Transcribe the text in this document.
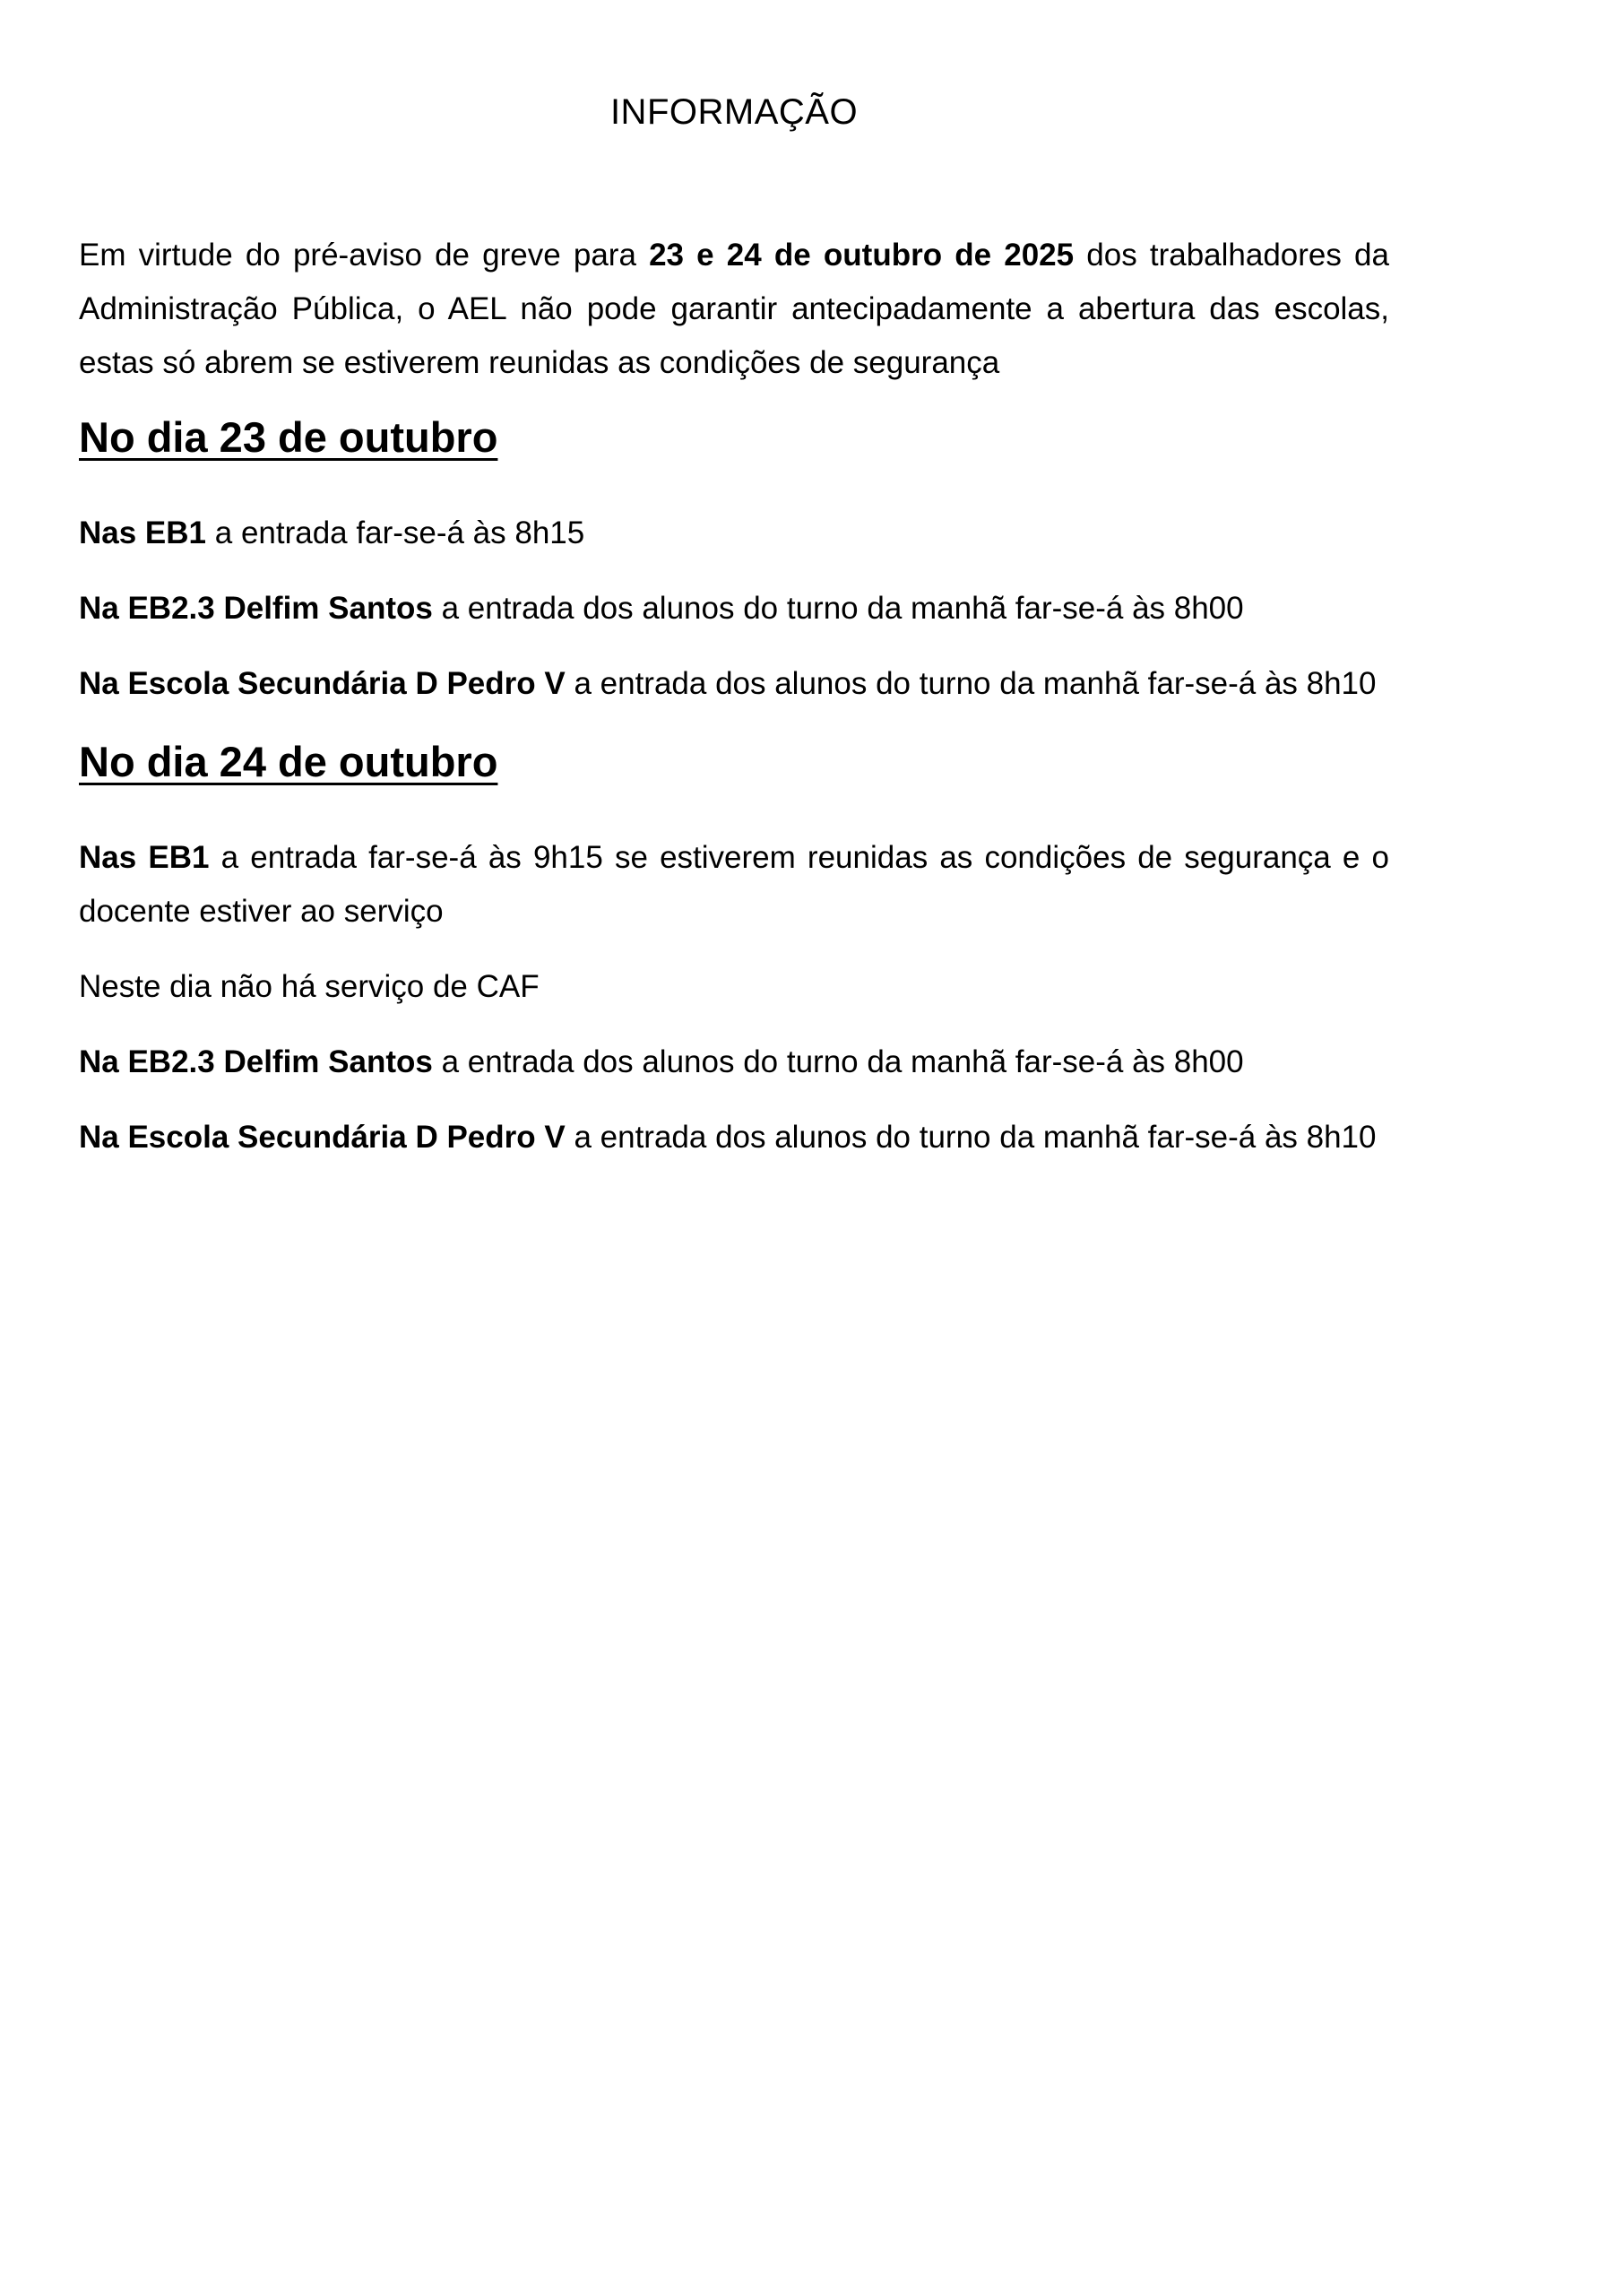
INFORMAÇÃO

Em virtude do pré-aviso de greve para 23 e 24 de outubro de 2025 dos trabalhadores da Administração Pública, o AEL não pode garantir antecipadamente a abertura das escolas, estas só abrem se estiverem reunidas as condições de segurança

No dia 23 de outubro

Nas EB1 a entrada far-se-á às 8h15

Na EB2.3 Delfim Santos a entrada dos alunos do turno da manhã far-se-á às 8h00

Na Escola Secundária D Pedro V a entrada dos alunos do turno da manhã far-se-á às 8h10

No dia 24 de outubro

Nas EB1 a entrada far-se-á às 9h15 se estiverem reunidas as condições de segurança e o docente estiver ao serviço

Neste dia não há serviço de CAF

Na EB2.3 Delfim Santos a entrada dos alunos do turno da manhã far-se-á às 8h00

Na Escola Secundária D Pedro V a entrada dos alunos do turno da manhã far-se-á às 8h10
